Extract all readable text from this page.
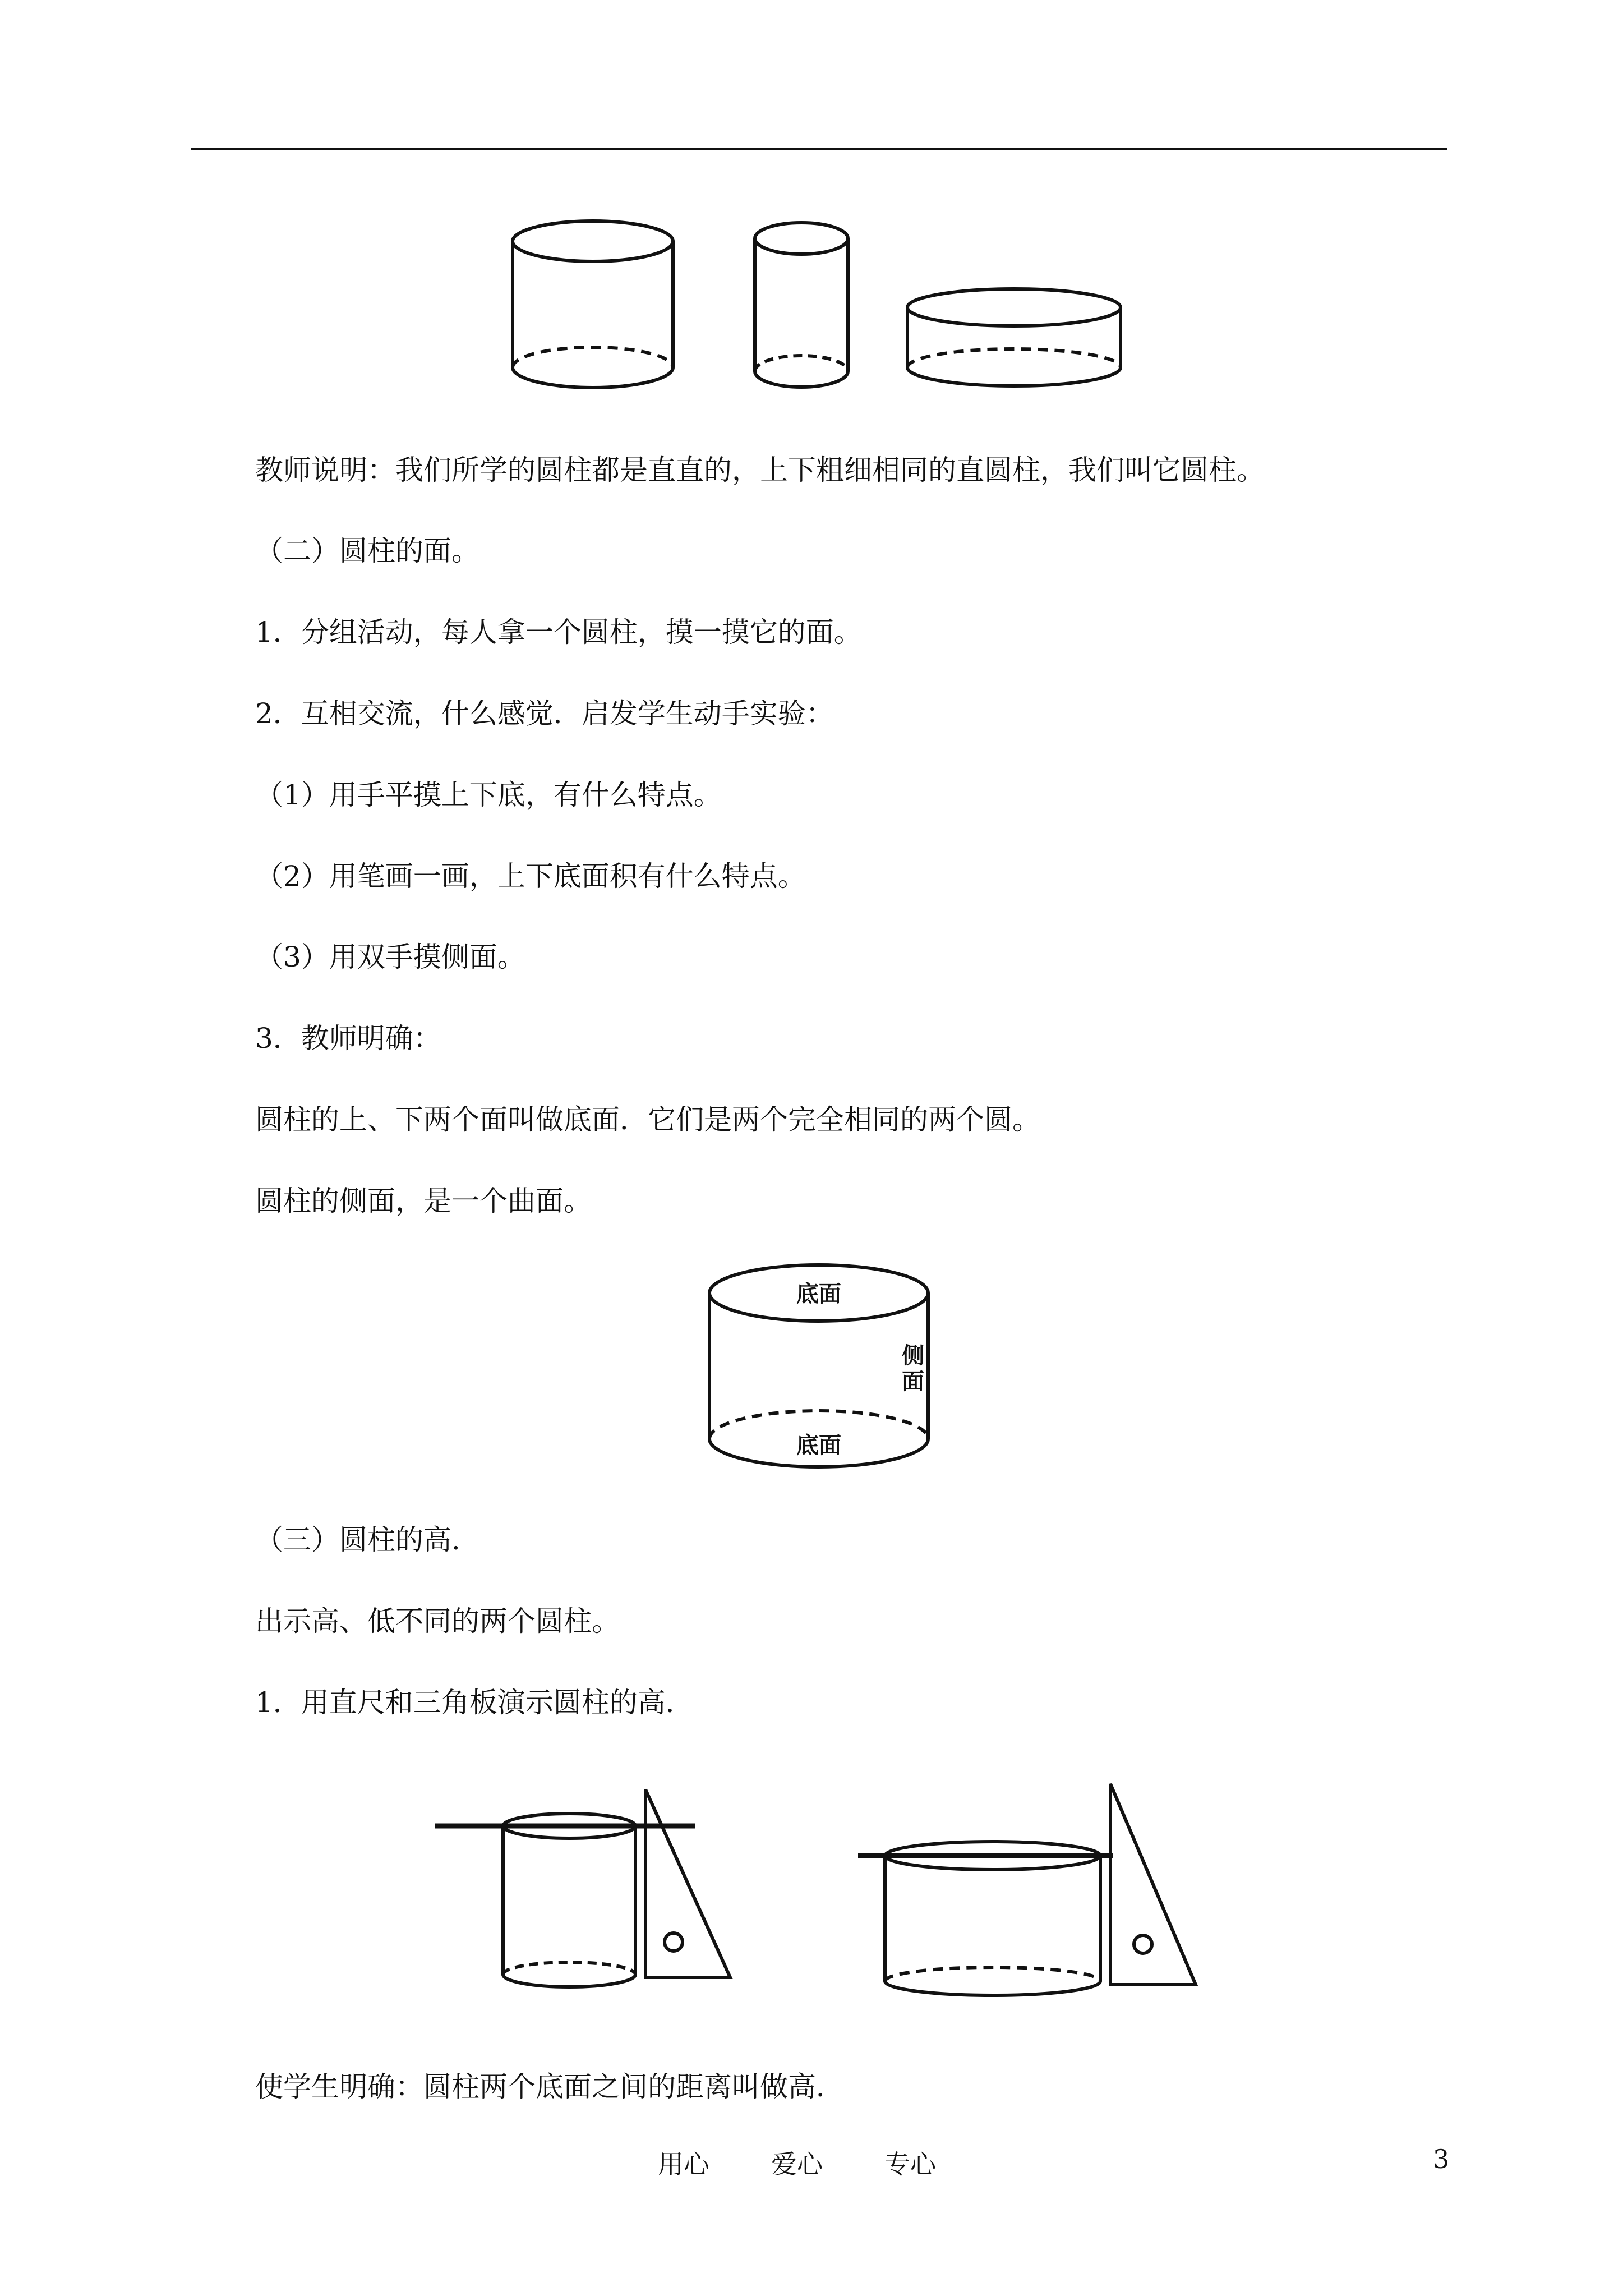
教师说明：我们所学的圆柱都是直直的，上下粗细相同的直圆柱，我们叫它圆柱。

（二）圆柱的面。

1．分组活动，每人拿一个圆柱，摸一摸它的面。

2．互相交流，什么感觉．启发学生动手实验：

（1）用手平摸上下底，有什么特点。

（2）用笔画一画，上下底面积有什么特点。

（3）用双手摸侧面。

3．教师明确：

圆柱的上、下两个面叫做底面．它们是两个完全相同的两个圆。

圆柱的侧面，是一个曲面。

底面
侧
面
底面

（三）圆柱的高．

出示高、低不同的两个圆柱。

1．用直尺和三角板演示圆柱的高．

使学生明确：圆柱两个底面之间的距离叫做高．

用心 爱心 专心	3
